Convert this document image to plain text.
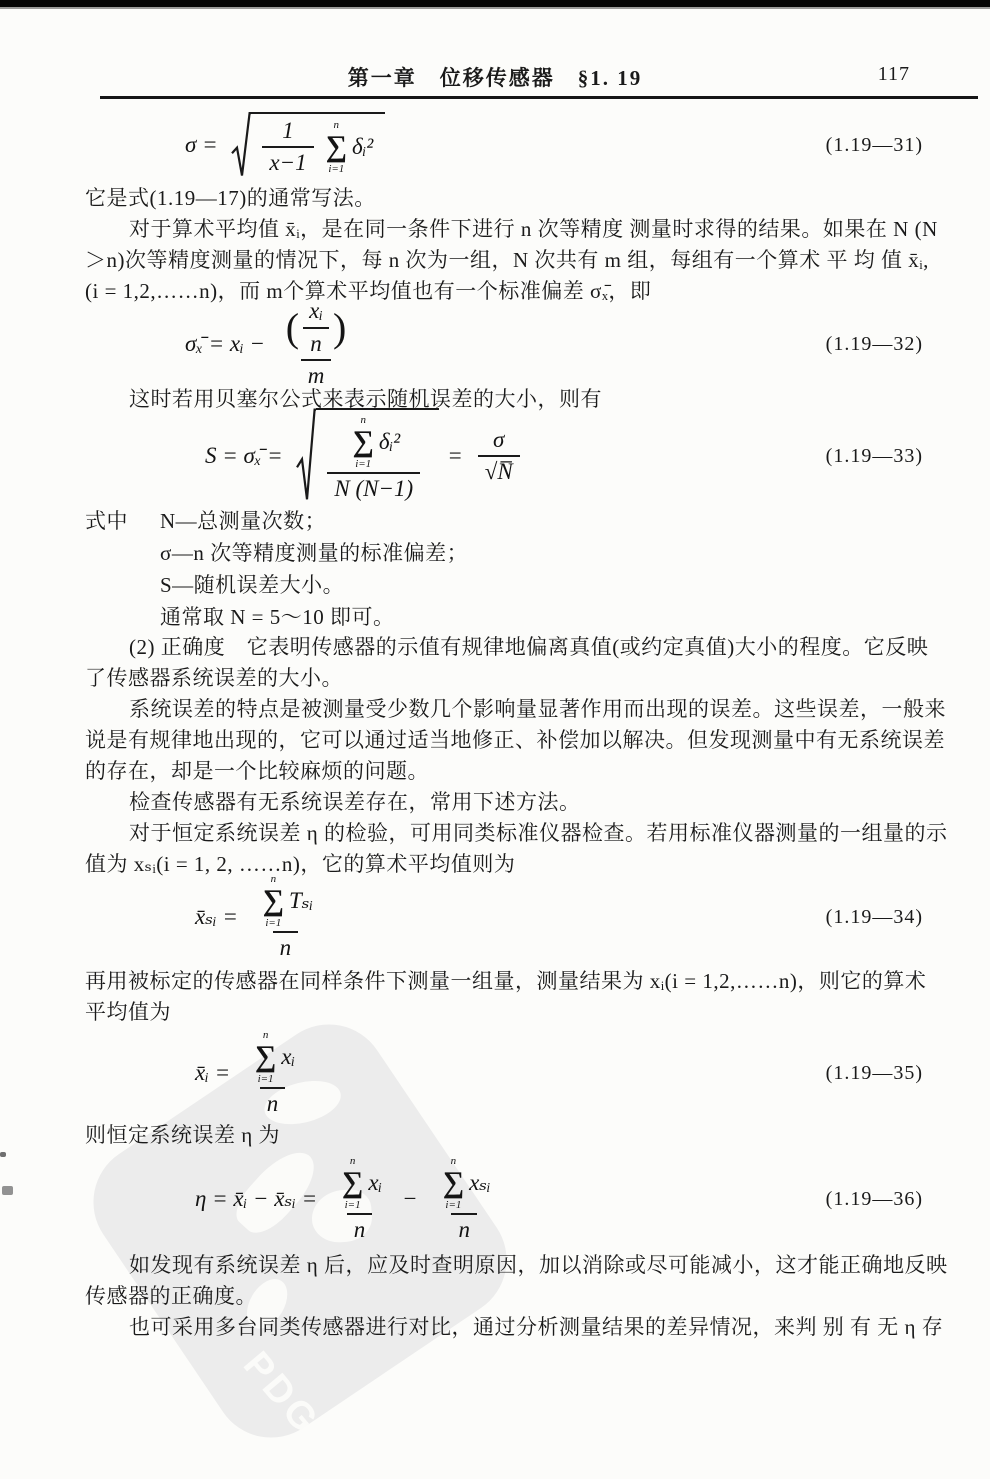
PDG
第一章　位移传感器　§1. 19	117
$\sigma = \frac{1}{x-1}$ n
∑
i=1
δᵢ²	(1.19—31)
它是式(1.19—17)的通常写法。
对于算术平均值 x̄ᵢ，是在同一条件下进行 n 次等精度 测量时求得的结果。如果在 N (N
＞n)次等精度测量的情况下，每 n 次为一组，N 次共有 m 组，每组有一个算术 平 均 值 x̄ᵢ,
(i = 1,2,……n)，而 m个算术平均值也有一个标准偏差 σₓ̄，即
σₓ̄ = xᵢ − ( $\frac{\text{xᵢ}}{n}$ )
m
(1.19—32)
这时若用贝塞尔公式来表示随机误差的大小，则有
S = σₓ̄ =
n
∑
i=1
δᵢ²
N (N−1)
= $\frac{\sigma}{√N̅}$	(1.19—33)
式中	N—总测量次数；
σ—n 次等精度测量的标准偏差；
S—随机误差大小。
通常取 N = 5～10 即可。
(2) 正确度　它表明传感器的示值有规律地偏离真值(或约定真值)大小的程度。它反映
了传感器系统误差的大小。
系统误差的特点是被测量受少数几个影响量显著作用而出现的误差。这些误差，一般来
说是有规律地出现的，它可以通过适当地修正、补偿加以解决。但发现测量中有无系统误差
的存在，却是一个比较麻烦的问题。
检查传感器有无系统误差存在，常用下述方法。
对于恒定系统误差 η 的检验，可用同类标准仪器检查。若用标准仪器测量的一组量的示
值为 xₛᵢ(i = 1, 2, ……n)，它的算术平均值则为
x̄ₛᵢ = n
∑
i=1
Tₛᵢ
n	(1.19—34)
再用被标定的传感器在同样条件下测量一组量，测量结果为 xᵢ(i = 1,2,……n)，则它的算术
平均值为
x̄ᵢ = n
∑
i=1
xᵢ
n	(1.19—35)
则恒定系统误差 η 为
η = x̄ᵢ − x̄ₛᵢ = n
∑
i=1
xᵢ
n − n
∑
i=1
xₛᵢ
n	(1.19—36)
如发现有系统误差 η 后，应及时查明原因，加以消除或尽可能减小，这才能正确地反映
传感器的正确度。
也可采用多台同类传感器进行对比，通过分析测量结果的差异情况，来判 别 有 无 η 存
